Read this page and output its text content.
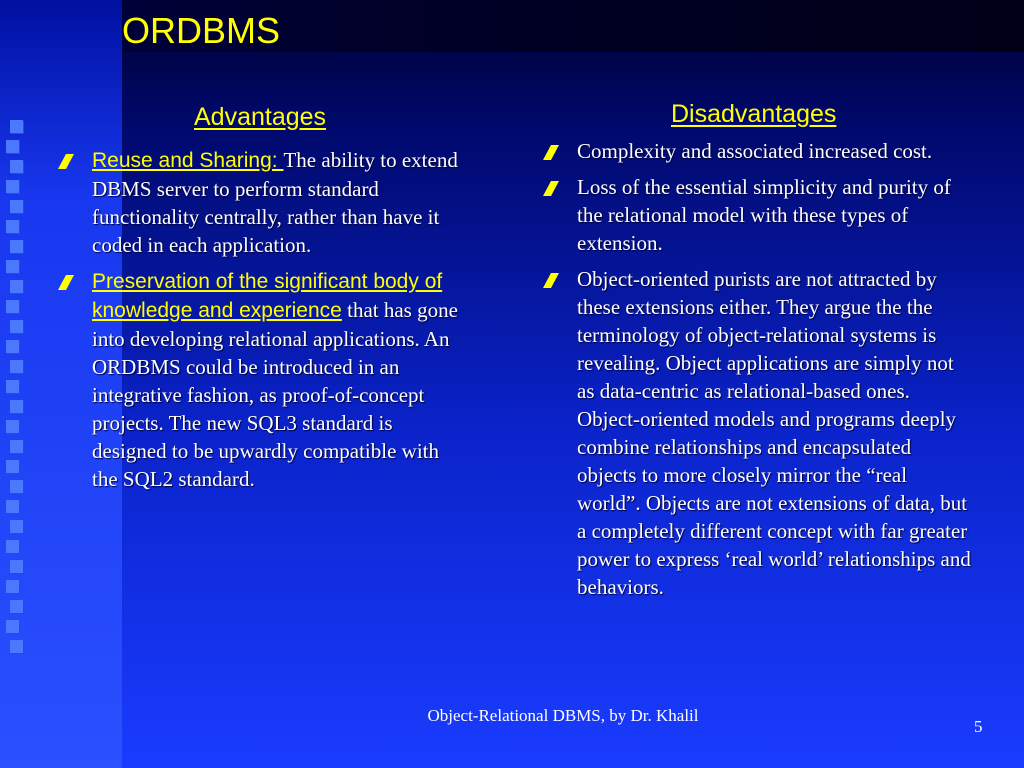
ORDBMS
Advantages	Disadvantages
Reuse and Sharing: The ability to extend DBMS server to perform standard functionality centrally, rather than have it coded in each application.
Preservation of the significant body of knowledge and experience that has gone into developing relational applications. An ORDBMS could be introduced in an integrative fashion, as proof-of-concept projects. The new SQL3 standard is designed to be upwardly compatible with the SQL2 standard.
Complexity and associated increased cost.
Loss of the essential simplicity and purity of the relational model with these types of extension.
Object-oriented purists are not attracted by these extensions either. They argue the the terminology of object-relational systems is revealing. Object applications are simply not as data-centric as relational-based ones. Object-oriented models and programs deeply combine relationships and encapsulated objects to more closely mirror the “real world”. Objects are not extensions of data, but a completely different concept with far greater power to express ‘real world’ relationships and behaviors.
Object-Relational DBMS, by Dr. Khalil
5
